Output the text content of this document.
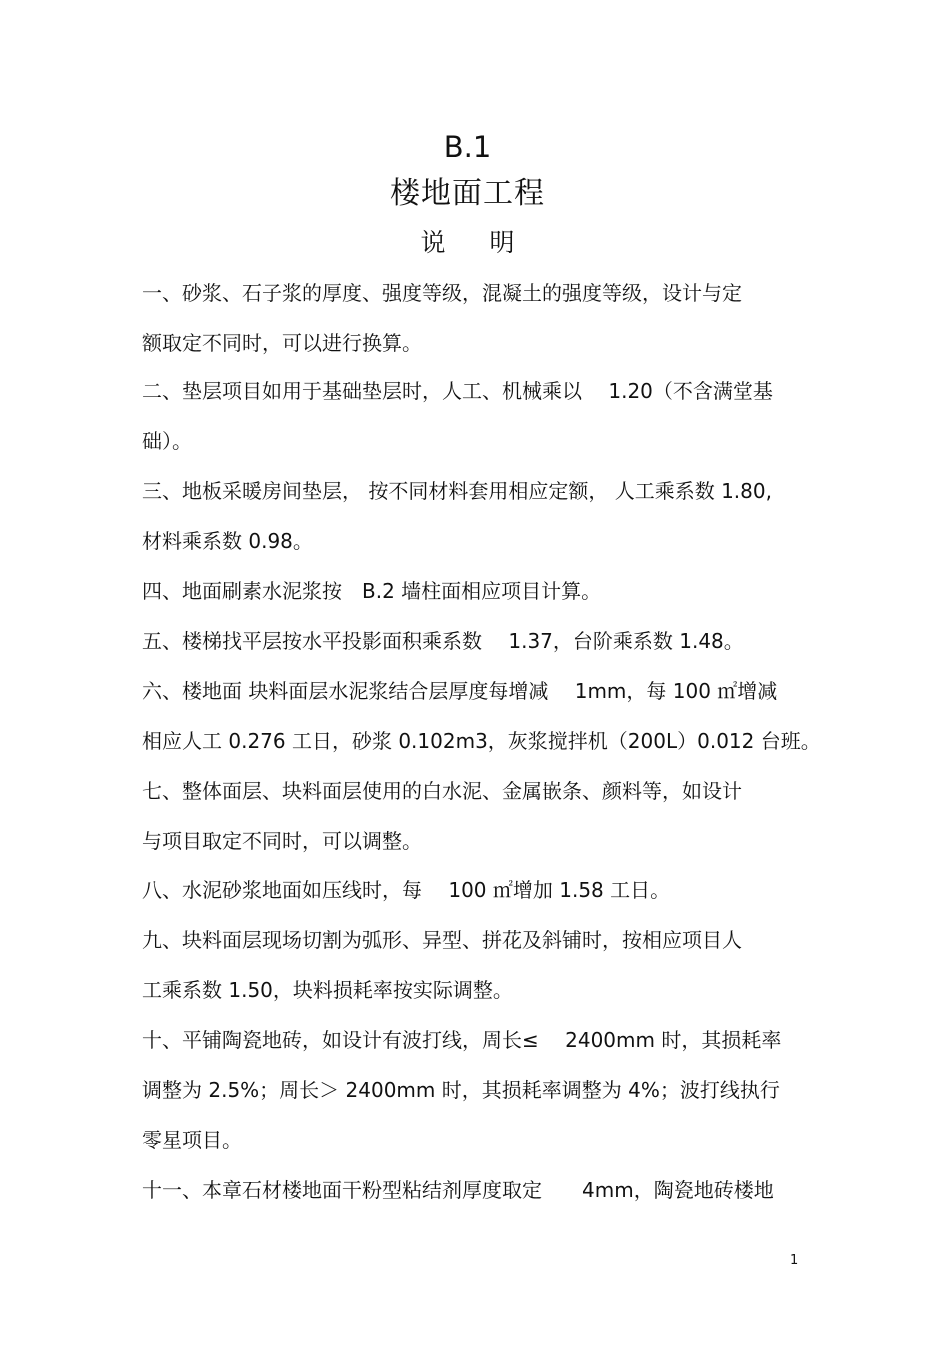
B.1
楼地面工程
说 明
一、砂浆、石子浆的厚度、强度等级，混凝土的强度等级，设计与定
额取定不同时，可以进行换算。
二、垫层项目如用于基础垫层时，人工、机械乘以　 1.20（不含满堂基
础）。
三、地板采暖房间垫层， 按不同材料套用相应定额， 人工乘系数 1.80,
材料乘系数 0.98。
四、地面刷素水泥浆按　B.2 墙柱面相应项目计算。
五、楼梯找平层按水平投影面积乘系数　 1.37，台阶乘系数 1.48。
六、楼地面 块料面层水泥浆结合层厚度每增减　 1mm，每 100 ㎡增减
相应人工 0.276 工日，砂浆 0.102m3，灰浆搅拌机（200L）0.012 台班。
七、整体面层、块料面层使用的白水泥、金属嵌条、颜料等，如设计
与项目取定不同时，可以调整。
八、水泥砂浆地面如压线时，每　 100 ㎡增加 1.58 工日。
九、块料面层现场切割为弧形、异型、拼花及斜铺时，按相应项目人
工乘系数 1.50，块料损耗率按实际调整。
十、平铺陶瓷地砖，如设计有波打线，周长≤　 2400mm 时，其损耗率
调整为 2.5%；周长＞ 2400mm 时，其损耗率调整为 4%；波打线执行
零星项目。
十一、本章石材楼地面干粉型粘结剂厚度取定　　4mm，陶瓷地砖楼地
1
